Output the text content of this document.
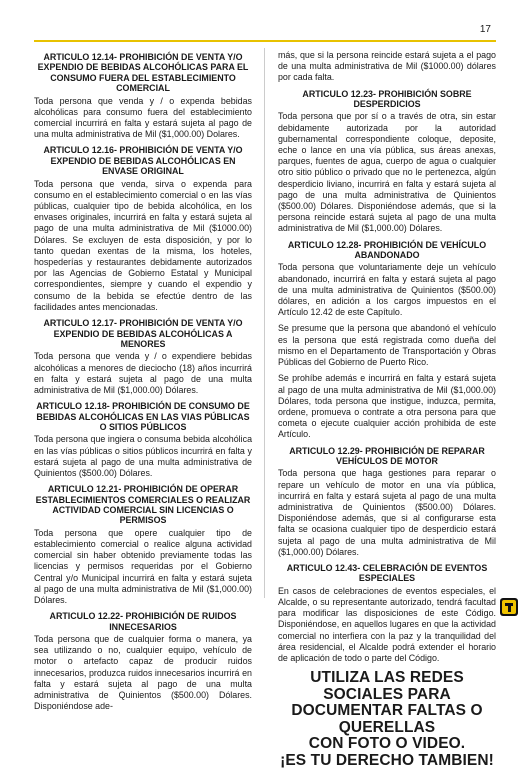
17
ARTICULO 12.14- PROHIBICIÓN DE VENTA Y/O EXPENDIO DE BEBIDAS ALCOHÓLICAS PARA EL CONSUMO FUERA DEL ESTABLECIMIENTO COMERCIAL

Toda persona que venda y / o expenda bebidas alcohólicas para consumo fuera del establecimiento comercial incurrirá en falta y estará sujeta al pago de una multa administrativa de Mil ($1,000.00) Dolares.

ARTICULO 12.16- PROHIBICIÓN DE VENTA Y/O EXPENDIO DE BEBIDAS ALCOHÓLICAS EN ENVASE ORIGINAL

Toda persona que venda, sirva o expenda para consumo en el establecimiento comercial o en las vías públicas, cualquier tipo de bebida alcohólica, en los envases originales, incurrirá en falta y estará sujeta al pago de una multa administrativa de Mil ($1000.00) Dólares. Se excluyen de esta disposición, y por lo tanto quedan exentas de la misma, los hoteles, hospederías y restaurantes debidamente autorizados por las Agencias de Gobierno Estatal y Municipal correspondientes, siempre y cuando el expendio y consumo de la bebida se efectúe dentro de las facilidades antes mencionadas.

ARTICULO 12.17- PROHIBICIÓN DE VENTA Y/O EXPENDIO DE BEBIDAS ALCOHÓLICAS A MENORES

Toda persona que venda y / o expendiere bebidas alcohólicas a menores de dieciocho (18) años incurrirá en falta y estará sujeta al pago de una multa administrativa de Mil ($1,000.00) Dólares.

ARTICULO 12.18- PROHIBICIÓN DE CONSUMO DE BEBIDAS ALCOHÓLICAS EN LAS VIAS PÚBLICAS O SITIOS PÚBLICOS

Toda persona que ingiera o consuma bebida alcohólica en las vías públicas o sitios públicos incurrirá en falta y estará sujeta al pago de una multa administrativa de Quinientos ($500.00) Dólares.

ARTICULO 12.21- PROHIBICIÓN DE OPERAR ESTABLECIMIENTOS COMERCIALES O REALIZAR ACTIVIDAD COMERCIAL SIN LICENCIAS O PERMISOS

Toda persona que opere cualquier tipo de establecimiento comercial o realice alguna actividad comercial sin haber obtenido previamente todas las licencias y permisos requeridas por el Gobierno Central y/o Municipal incurrirá en falta y estará sujeta al pago de una multa administrativa de Mil ($1,000.00) Dólares.

ARTICULO 12.22- PROHIBICIÓN DE RUIDOS INNECESARIOS

Toda persona que de cualquier forma o manera, ya sea utilizando o no, cualquier equipo, vehículo de motor o artefacto capaz de producir ruidos innecesarios, produzca ruidos innecesarios incurrirá en falta y estará sujeta al pago de una multa administrativa de Quinientos ($500.00) Dólares. Disponiéndose ade-

más, que si la persona reincide estará sujeta a el pago de una multa administrativa de Mil ($1000.00) dólares por cada falta.

ARTICULO 12.23- PROHIBICIÓN SOBRE DESPERDICIOS

Toda persona que por sí o a través de otra, sin estar debidamente autorizada por la autoridad gubernamental correspondiente coloque, deposite, eche o lance en una vía pública, sus áreas anexas, parques, fuentes de agua, cuerpo de agua o cualquier otro sitio público o privado que no le pertenezca, algún desperdicio liviano, incurrirá en falta y estará sujeta al pago de una multa administrativa de Quinientos ($500.00) Dólares. Disponiéndose además, que si la persona reincide estará sujeta al pago de una multa administrativa de Mil ($1,000.00) Dólares.

ARTICULO 12.28- PROHIBICIÓN DE VEHÍCULO ABANDONADO

Toda persona que voluntariamente deje un vehículo abandonado, incurrirá en falta y estará sujeta al pago de una multa administrativa de Quinientos ($500.00) dólares, en adición a los cargos impuestos en el Artículo 12.42 de este Capítulo.

Se presume que la persona que abandonó el vehículo es la persona que está registrada como dueña del mismo en el Departamento de Transportación y Obras Públicas del Gobierno de Puerto Rico.

Se prohíbe además e incurrirá en falta y estará sujeta al pago de una multa administrativa de Mil ($1,000.00) Dólares, toda persona que instigue, induzca, permita, ordene, promueva o contrate a otra persona para que cometa o ejecute cualquier acción prohibida de este Artículo.

ARTICULO 12.29- PROHIBICIÓN DE REPARAR VEHÍCULOS DE MOTOR

Toda persona que haga gestiones para reparar o repare un vehículo de motor en una vía pública, incurrirá en falta y estará sujeta al pago de una multa administrativa de Quinientos ($500.00) Dólares. Disponiéndose además, que si al configurarse esta falta se ocasiona cualquier tipo de desperdicio estará sujeta al pago de una multa administrativa de Mil ($1,000.00) Dólares.

ARTICULO 12.43- CELEBRACIÓN DE EVENTOS ESPECIALES

En casos de celebraciones de eventos especiales, el Alcalde, o su representante autorizado, tendrá facultad para modificar las disposiciones de este Código. Disponiéndose, en aquellos lugares en que la actividad comercial no interfiera con la paz y la tranquilidad del área residencial, el Alcalde podrá extender el horario de aplicación de todo o parte del Código.

UTILIZA LAS REDES SOCIALES PARA
DOCUMENTAR FALTAS O QUERELLAS
CON FOTO O VIDEO.
¡ES TU DERECHO TAMBIEN!
